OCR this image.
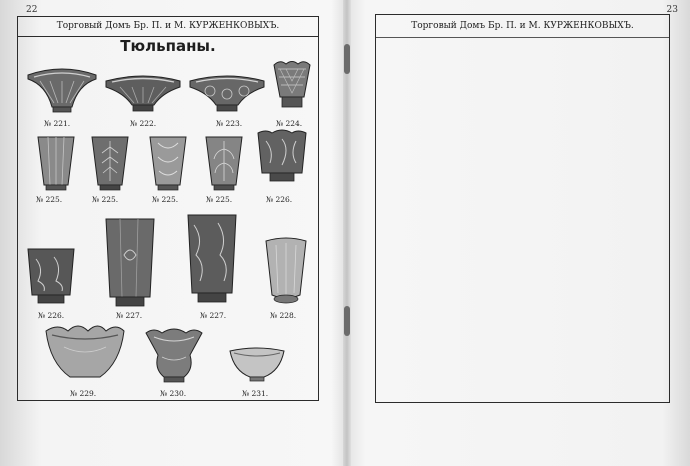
22
Торговый Домъ Бр. П. и М. КУРЖЕНКОВЫХЪ.
Тюльпаны.
№ 221.	№ 222.	№ 223.	№ 224.
№ 225.	№ 225.	№ 225.	№ 225.	№ 226.
№ 226.	№ 227.	№ 227.	№ 228.
№ 229.	№ 230.	№ 231.
23
Торговый Домъ Бр. П. и М. КУРЖЕНКОВЫХЪ.
